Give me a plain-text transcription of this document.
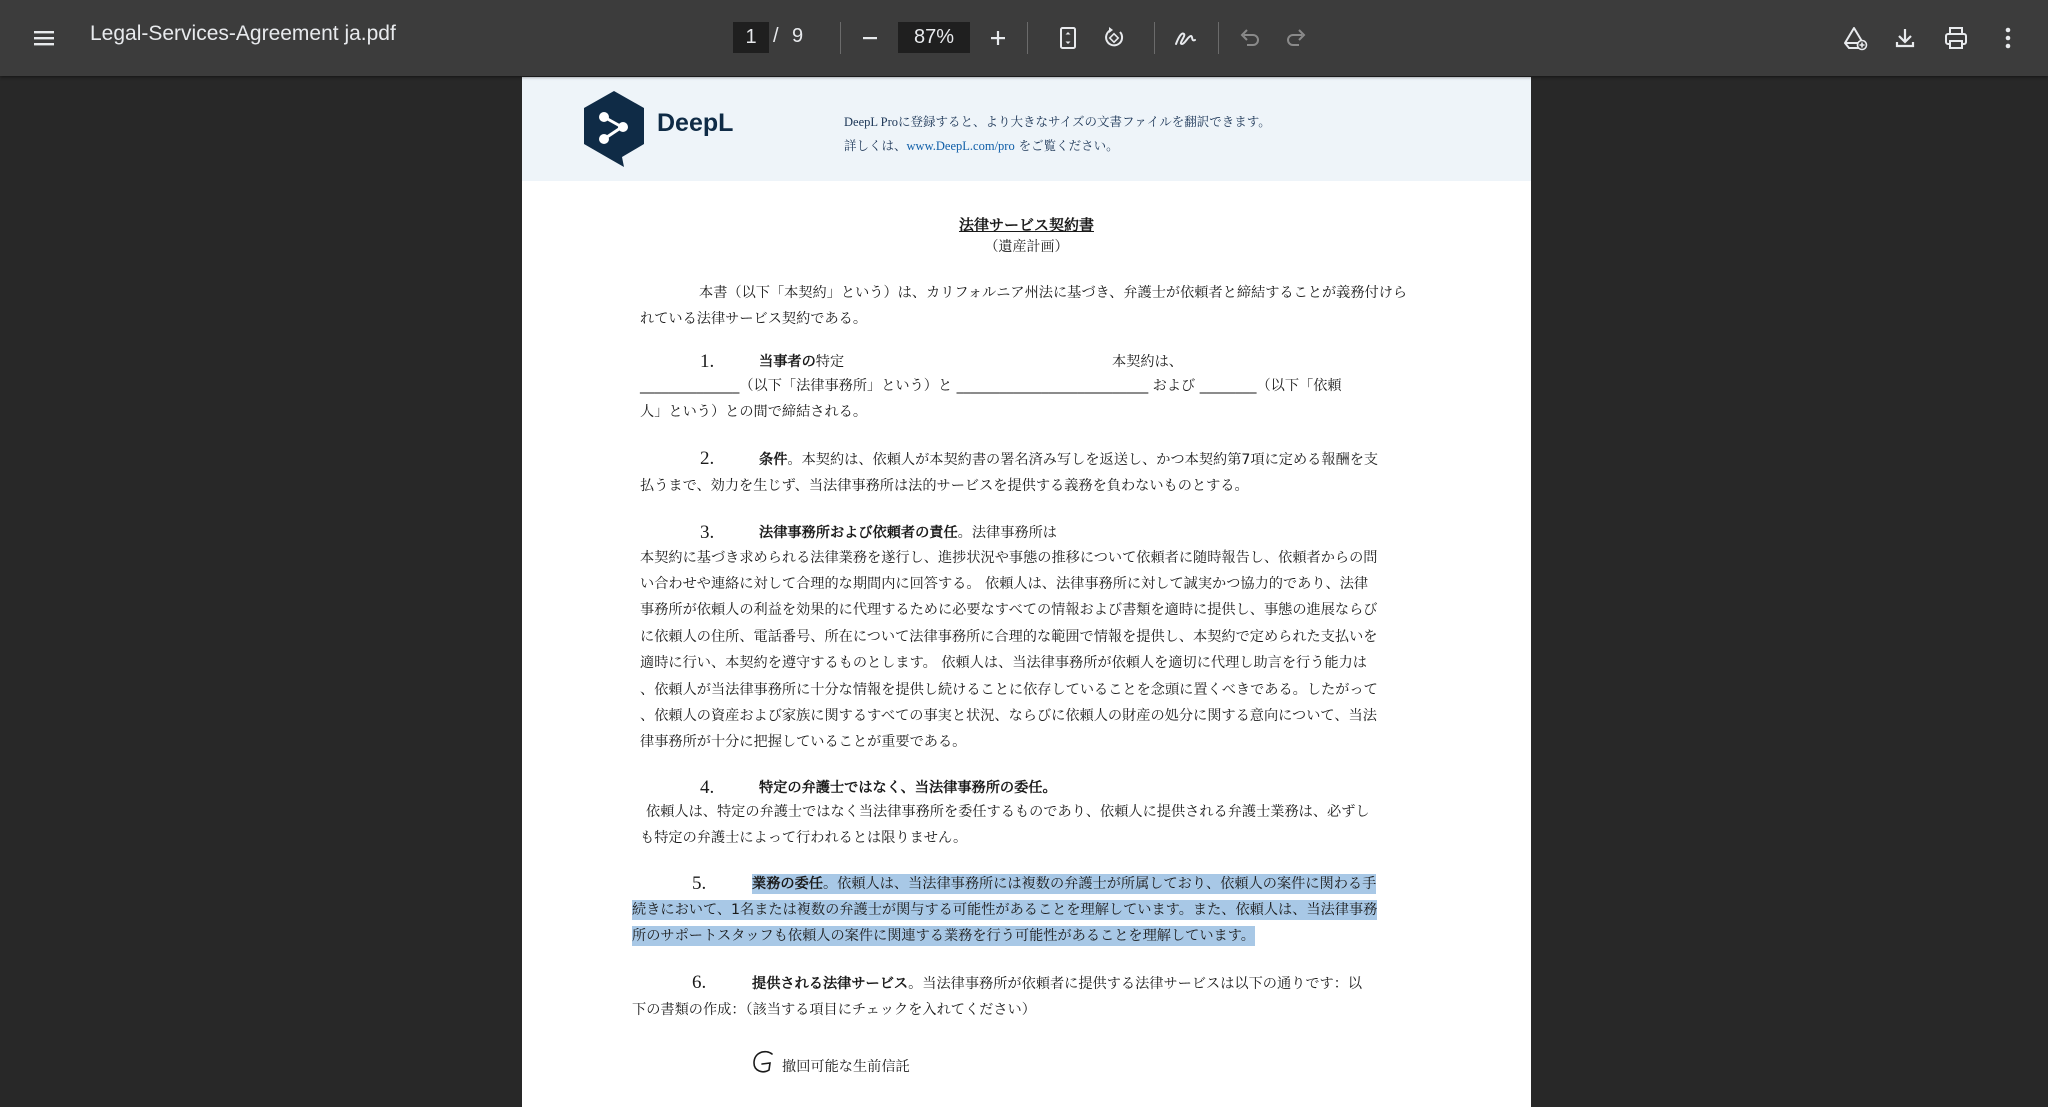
Legal-Services-Agreement ja.pdf
1	/ 9
87%
DeepL	DeepL Proに登録すると、より大きなサイズの文書ファイルを翻訳できます。
詳しくは、www.DeepL.com/pro をご覧ください。
法律サービス契約書
（遺産計画）
本書（以下「本契約」という）は、カリフォルニア州法に基づき、弁護士が依頼者と締結することが義務付けら
れている法律サービス契約である。
1.	当事者の特定	本契約は、
______________（以下「法律事務所」という）と ___________________________ および ________（以下「依頼
人」という）との間で締結される。
2.	条件。本契約は、依頼人が本契約書の署名済み写しを返送し、かつ本契約第7項に定める報酬を支
払うまで、効力を生じず、当法律事務所は法的サービスを提供する義務を負わないものとする。
3.	法律事務所および依頼者の責任。法律事務所は
本契約に基づき求められる法律業務を遂行し、進捗状況や事態の推移について依頼者に随時報告し、依頼者からの問
い合わせや連絡に対して合理的な期間内に回答する。 依頼人は、法律事務所に対して誠実かつ協力的であり、法律
事務所が依頼人の利益を効果的に代理するために必要なすべての情報および書類を適時に提供し、事態の進展ならび
に依頼人の住所、電話番号、所在について法律事務所に合理的な範囲で情報を提供し、本契約で定められた支払いを
適時に行い、本契約を遵守するものとします。 依頼人は、当法律事務所が依頼人を適切に代理し助言を行う能力は
、依頼人が当法律事務所に十分な情報を提供し続けることに依存していることを念頭に置くべきである。したがって
、依頼人の資産および家族に関するすべての事実と状況、ならびに依頼人の財産の処分に関する意向について、当法
律事務所が十分に把握していることが重要である。
4.	特定の弁護士ではなく、当法律事務所の委任。
依頼人は、特定の弁護士ではなく当法律事務所を委任するものであり、依頼人に提供される弁護士業務は、必ずし
も特定の弁護士によって行われるとは限りません。
5.	業務の委任。依頼人は、当法律事務所には複数の弁護士が所属しており、依頼人の案件に関わる手
続きにおいて、1名または複数の弁護士が関与する可能性があることを理解しています。また、依頼人は、当法律事務
所のサポートスタッフも依頼人の案件に関連する業務を行う可能性があることを理解しています。
6.	提供される法律サービス。当法律事務所が依頼者に提供する法律サービスは以下の通りです：以
下の書類の作成：（該当する項目にチェックを入れてください）
撤回可能な生前信託
